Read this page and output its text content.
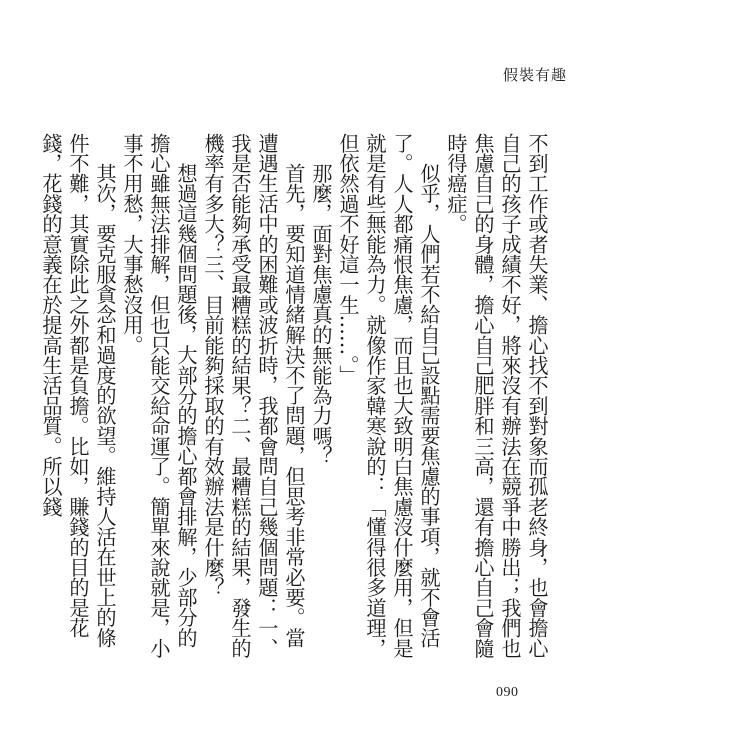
假裝有趣

不到工作或者失業、擔心找不到對象而孤老終身，也會擔心自己的孩子成績不好，將來沒有辦法在競爭中勝出；我們也焦慮自己的身體，擔心自己肥胖和三高，還有擔心自己會隨時得癌症。

似乎，人們若不給自己設點需要焦慮的事項，就不會活了。人人都痛恨焦慮，而且也大致明白焦慮沒什麼用，但是就是有些無能為力。就像作家韓寒說的：「懂得很多道理，但依然過不好這一生……。」

那麼，面對焦慮真的無能為力嗎？

首先，要知道情緒解決不了問題，但思考非常必要。當遭遇生活中的困難或波折時，我都會問自己幾個問題：一、我是否能夠承受最糟糕的結果？二、最糟糕的結果，發生的機率有多大？三、目前能夠採取的有效辦法是什麼？

想過這幾個問題後，大部分的擔心都會排解，少部分的擔心雖無法排解，但也只能交給命運了。簡單來說就是，小事不用愁，大事愁沒用。

其次，要克服貪念和過度的欲望。維持人活在世上的條件不難，其實除此之外都是負擔。比如，賺錢的目的是花錢，花錢的意義在於提高生活品質。所以錢

090
